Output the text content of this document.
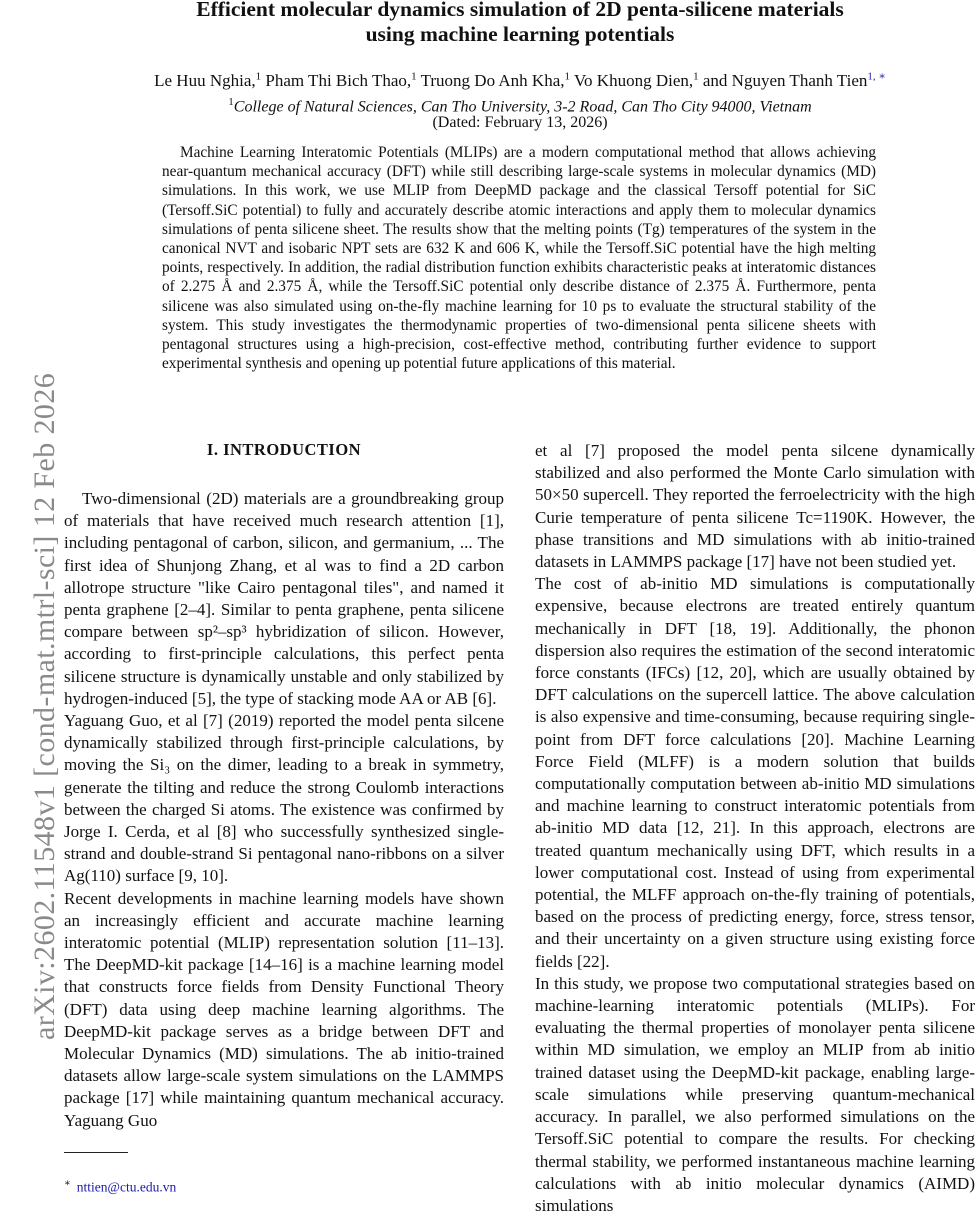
arXiv:2602.11548v1 [cond-mat.mtrl-sci] 12 Feb 2026
Efficient molecular dynamics simulation of 2D penta-silicene materials
using machine learning potentials
Le Huu Nghia,$^1$ Pham Thi Bich Thao,$^1$ Truong Do Anh Kha,$^1$ Vo Khuong Dien,$^1$ and Nguyen Thanh Tien$^{1, ∗}$
$^1$College of Natural Sciences, Can Tho University, 3-2 Road, Can Tho City 94000, Vietnam
(Dated: February 13, 2026)

Machine Learning Interatomic Potentials (MLIPs) are a modern computational method that allows achieving near-quantum mechanical accuracy (DFT) while still describing large-scale systems in molecular dynamics (MD) simulations. In this work, we use MLIP from DeepMD package and the classical Tersoff potential for SiC (Tersoff.SiC potential) to fully and accurately describe atomic interactions and apply them to molecular dynamics simulations of penta silicene sheet. The results show that the melting points (Tg) temperatures of the system in the canonical NVT and isobaric NPT sets are 632 K and 606 K, while the Tersoff.SiC potential have the high melting points, respectively. In addition, the radial distribution function exhibits characteristic peaks at interatomic distances of 2.275 Å and 2.375 Å, while the Tersoff.SiC potential only describe distance of 2.375 Å. Furthermore, penta silicene was also simulated using on-the-fly machine learning for 10 ps to evaluate the structural stability of the system. This study investigates the thermodynamic properties of two-dimensional penta silicene sheets with pentagonal structures using a high-precision, cost-effective method, contributing further evidence to support experimental synthesis and opening up potential future applications of this material.

I. INTRODUCTION

Two-dimensional (2D) materials are a groundbreaking group of materials that have received much research attention [1], including pentagonal of carbon, silicon, and germanium, ... The first idea of Shunjong Zhang, et al was to find a 2D carbon allotrope structure "like Cairo pentagonal tiles", and named it penta graphene [2–4]. Similar to penta graphene, penta silicene compare between sp²–sp³ hybridization of silicon. However, according to first-principle calculations, this perfect penta silicene structure is dynamically unstable and only stabilized by hydrogen-induced [5], the type of stacking mode AA or AB [6].

Yaguang Guo, et al [7] (2019) reported the model penta silcene dynamically stabilized through first-principle calculations, by moving the Si₃ on the dimer, leading to a break in symmetry, generate the tilting and reduce the strong Coulomb interactions between the charged Si atoms. The existence was confirmed by Jorge I. Cerda, et al [8] who successfully synthesized single-strand and double-strand Si pentagonal nano-ribbons on a silver Ag(110) surface [9, 10].

Recent developments in machine learning models have shown an increasingly efficient and accurate machine learning interatomic potential (MLIP) representation solution [11–13]. The DeepMD-kit package [14–16] is a machine learning model that constructs force fields from Density Functional Theory (DFT) data using deep machine learning algorithms. The DeepMD-kit package serves as a bridge between DFT and Molecular Dynamics (MD) simulations. The ab initio-trained datasets allow large-scale system simulations on the LAMMPS package [17] while maintaining quantum mechanical accuracy. Yaguang Guo

et al [7] proposed the model penta silcene dynamically stabilized and also performed the Monte Carlo simulation with 50×50 supercell. They reported the ferroelectricity with the high Curie temperature of penta silicene Tc=1190K. However, the phase transitions and MD simulations with ab initio-trained datasets in LAMMPS package [17] have not been studied yet.

The cost of ab-initio MD simulations is computationally expensive, because electrons are treated entirely quantum mechanically in DFT [18, 19]. Additionally, the phonon dispersion also requires the estimation of the second interatomic force constants (IFCs) [12, 20], which are usually obtained by DFT calculations on the supercell lattice. The above calculation is also expensive and time-consuming, because requiring single-point from DFT force calculations [20]. Machine Learning Force Field (MLFF) is a modern solution that builds computationally computation between ab-initio MD simulations and machine learning to construct interatomic potentials from ab-initio MD data [12, 21]. In this approach, electrons are treated quantum mechanically using DFT, which results in a lower computational cost. Instead of using from experimental potential, the MLFF approach on-the-fly training of potentials, based on the process of predicting energy, force, stress tensor, and their uncertainty on a given structure using existing force fields [22].

In this study, we propose two computational strategies based on machine-learning interatomic potentials (MLIPs). For evaluating the thermal properties of monolayer penta silicene within MD simulation, we employ an MLIP from ab initio trained dataset using the DeepMD-kit package, enabling large-scale simulations while preserving quantum-mechanical accuracy. In parallel, we also performed simulations on the Tersoff.SiC potential to compare the results. For checking thermal stability, we performed instantaneous machine learning calculations with ab initio molecular dynamics (AIMD) simulations

∗ nttien@ctu.edu.vn
